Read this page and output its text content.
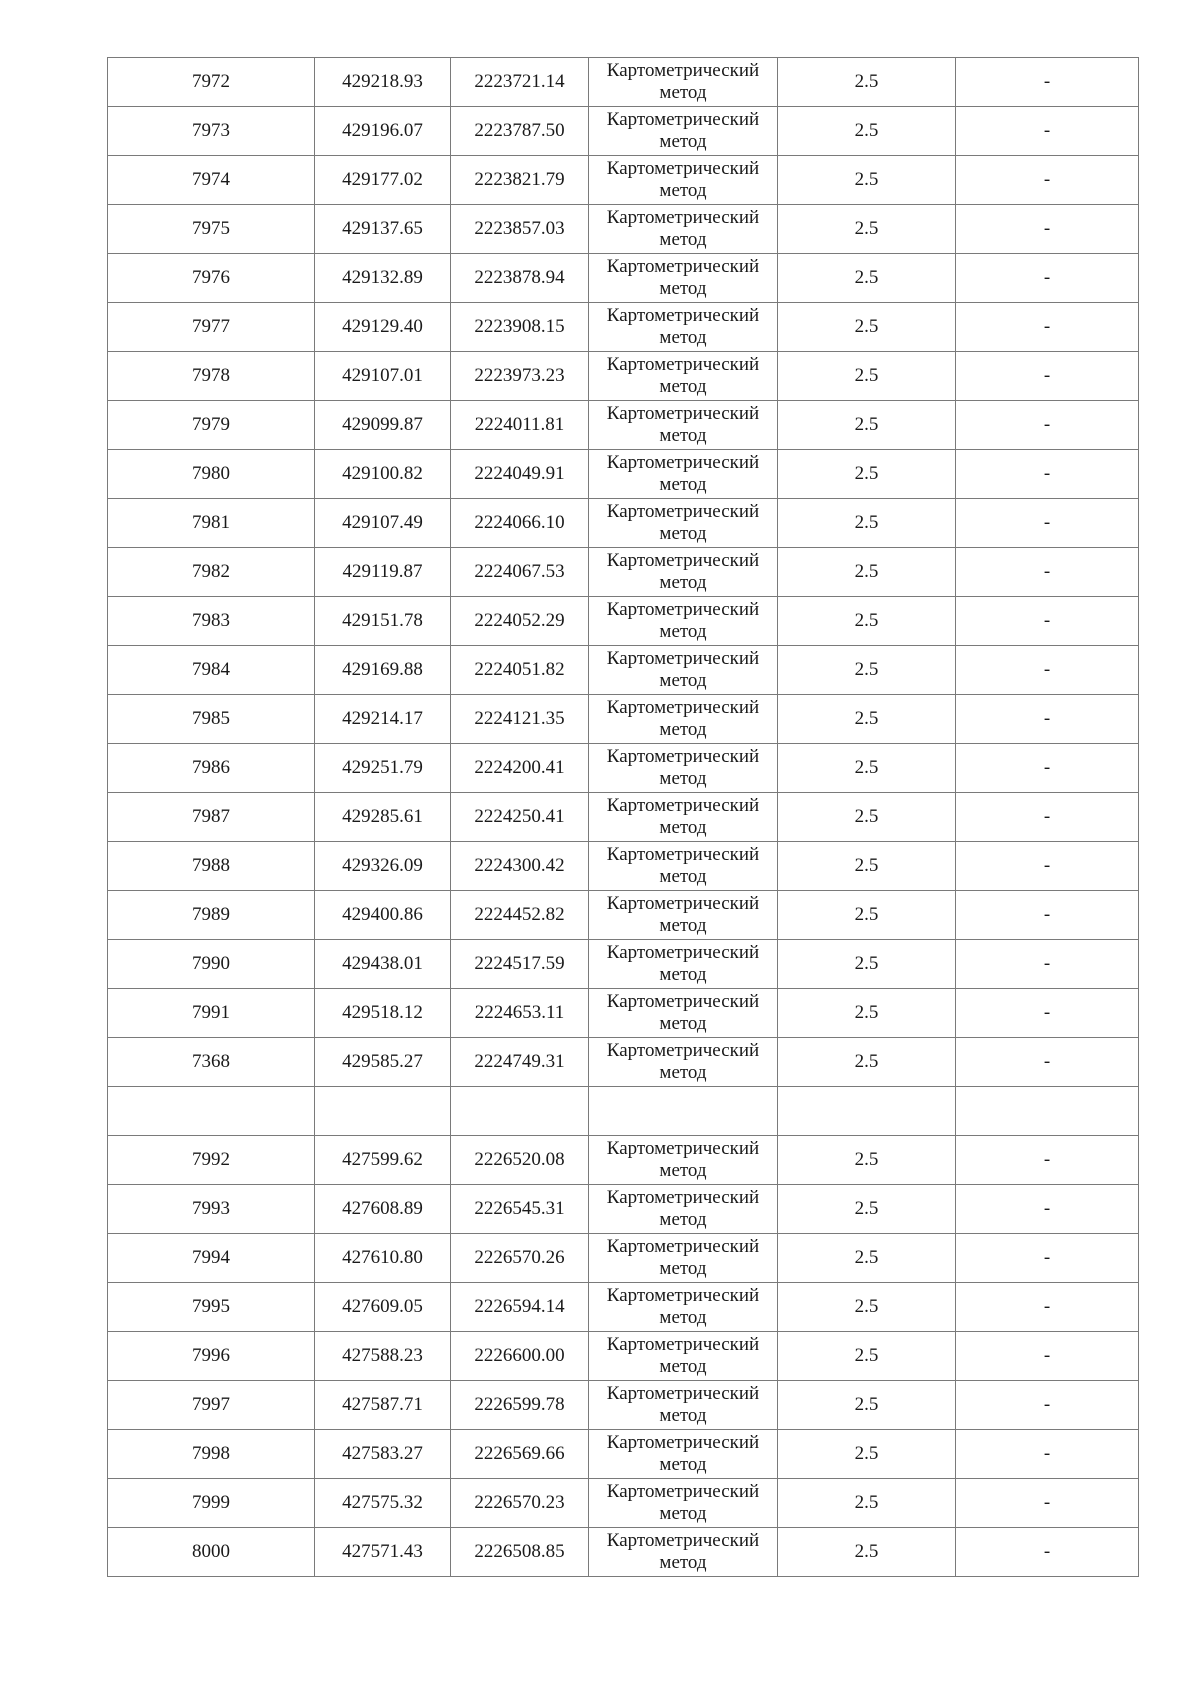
7972	429218.93	2223721.14	Картометрический метод	2.5	-
7973	429196.07	2223787.50	Картометрический метод	2.5	-
7974	429177.02	2223821.79	Картометрический метод	2.5	-
7975	429137.65	2223857.03	Картометрический метод	2.5	-
7976	429132.89	2223878.94	Картометрический метод	2.5	-
7977	429129.40	2223908.15	Картометрический метод	2.5	-
7978	429107.01	2223973.23	Картометрический метод	2.5	-
7979	429099.87	2224011.81	Картометрический метод	2.5	-
7980	429100.82	2224049.91	Картометрический метод	2.5	-
7981	429107.49	2224066.10	Картометрический метод	2.5	-
7982	429119.87	2224067.53	Картометрический метод	2.5	-
7983	429151.78	2224052.29	Картометрический метод	2.5	-
7984	429169.88	2224051.82	Картометрический метод	2.5	-
7985	429214.17	2224121.35	Картометрический метод	2.5	-
7986	429251.79	2224200.41	Картометрический метод	2.5	-
7987	429285.61	2224250.41	Картометрический метод	2.5	-
7988	429326.09	2224300.42	Картометрический метод	2.5	-
7989	429400.86	2224452.82	Картометрический метод	2.5	-
7990	429438.01	2224517.59	Картометрический метод	2.5	-
7991	429518.12	2224653.11	Картометрический метод	2.5	-
7368	429585.27	2224749.31	Картометрический метод	2.5	-

7992	427599.62	2226520.08	Картометрический метод	2.5	-
7993	427608.89	2226545.31	Картометрический метод	2.5	-
7994	427610.80	2226570.26	Картометрический метод	2.5	-
7995	427609.05	2226594.14	Картометрический метод	2.5	-
7996	427588.23	2226600.00	Картометрический метод	2.5	-
7997	427587.71	2226599.78	Картометрический метод	2.5	-
7998	427583.27	2226569.66	Картометрический метод	2.5	-
7999	427575.32	2226570.23	Картометрический метод	2.5	-
8000	427571.43	2226508.85	Картометрический метод	2.5	-
